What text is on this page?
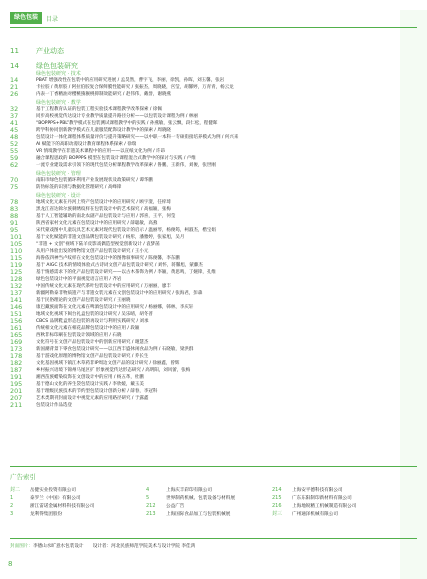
绿色包装	目录
11	产业动态
14	绿色包装研究
绿色包装研究 · 技术
14	PBAT 增强改性在包装中的应用研究进展 / 孟昊然，曹宇飞，李丽，徐凯，孙晖，刘玉馨，张岩
21	卡拉胶 / 黄原胶 / 阿拉伯胶复合保鲜膜性能研究 / 张振杰，周晓晓，宫莹，胡馨婷，万青青，杨云龙
26	内表一丁香精油对樱桃猕猴桃抑制效能研究 / 赵伟伟，戴誉，谢晓燕
绿色包装研究 · 教学
32	基于工程教育认证的包装工程实验技术课程教学改革探索 / 徐佩
37	同步高校视觉传达设计专业教学质量提升路径分析——以包装设计课程为例 / 林丽
41	“BOPPPS+PBL”教学模式在包装测试课程教学中的实践 / 孙燕敏，张云飘，段仁松，程健晖
45	跨学科协同创新教学模式在儿童服装配饰设计教学中的探索 / 周晓晓
48	包装设计一体化课程体系质量评价与提升策略研究——以中职一本科一专硕衔接培养模式为例 / 何兴来
52	AI 赋能下的高职动漫设计教育课程体系探索 / 徐瑞
55	VR 情境教学在非遗美术课程中的应用——以宣纸文化为例 / 许昂
59	融合课程思政的 BOPPPS 模型在包装设计课程混合式教学中的探讨与实践 / 卢维
62	一流专业建设需求引领下的现代包装分析课程教学改革探索 / 鲁鹏，王新伟，刘俊，张世刚
绿色包装研究 · 管理
70	南阳市绿色包装循环利用产业发展现状及政策研究 / 谭华鹏
75	防伪标签的识别与数据化管理研究 / 高峰锋
绿色包装研究 · 设计
78	地域文化元素在丹河上特产包装设计中的应用研究 / 顾宇澄，任梓琦
83	黑龙江省达斡尔族刺绣纹样在包装设计中的艺术探究 / 高福颖，张梅
88	基于人工智能辅助的南北农副产品包装设计与应用 / 郭喜，王平，何莹
91	陕西省家村文化元素在包装设计中的应用研究 / 薛聪敏，高燕
95	宋代蒙戏图中儿童玩具艺术元素对现代包装设计的启示 / 温丽琴，杨俊筠，柯淑杰，楷宝娟
101	基于文化赋能的非遗文创品牌包装设计研究 / 杨彤，潘雅婷，张家旭，吴月
105	“非遗 + 文创”视域下陆羊皮影戏偶造型视觉创新设计 / 袁梦菡
110	从用户体验出发的博物馆文创产品包装设计研究 / 王小元
115	海鲁依四神当卢纹样在文化包装设计中的图像叙事研究 / 陈俊馨，李东鹏
119	基于 AIGC 技术的情境体验式古诗词文创产品包装设计研究 / 刘怀，蒋馨旭，蒙藤杰
125	基于情感需求下的化产品包装设计研究——以古木茶饰为例 / 李颖，黄思鸣，丁婉锋，孔维
128	绿色包装设计中的平面视觉语言应用 / 齐岩
132	中国传统文化元素在现代茶叶包装设计中的应用研究 / 万丽丽，廖丰
137	新疆阿勒泰非物质遗产与非遗女装元素在文创包装设计中的应用研究 / 张海君，彭森
141	基于民俗理论的文创产品包装设计研究 / 王丽晓
146	康巴藏族面饰在文化元素在啤酒包装设计中的应用研究 / 杨丽娜，韩林，李庆轩
151	地域文化视域下闽台礼盒包装的设计研究 / 吴乐晴，胡冬普
156	CBCS 品牌鞋盒形态包装的再设计与利用实践研究 / 刘承
161	传统相文化元素在相花品牌包装设计中的应用 / 段颖
165	西秋非标印刷在包装设计领域的应用 / 石晓
169	文化符号在文创产品包装设计中的创新应用研究 / 谢慧杰
173	新国潮背景下零食包装设计研究——以江西丰盛休闲食品为例 / 石晓敏，梁洪群
178	基于游戏化原理的博物馆文创产品包装设计研究 / 乔长生
182	文化基因视域下镇江木草药非IP周边文创产品的设计研究 / 徐丽鑫，曾辉
187	乡村振兴语境下锦州马尾区扩 形象视觉传达形态研究 / 高明阳，刘风蕾，张梅
191	湘西苗族蜡染纹饰在文创设计中的应用 / 杨五革，杜鹏
195	基于德山文化的养生袋包装设计实践 / 李欣媛，戴玉美
201	基于理级民族技术的节约型包装设计创新分析 / 薛春，李冠科
207	艺术类期刊封面设计中视觉元素的应用路径研究 / 于露鑫
211	包装设计作品选登
广告索引
封二	岳健实业投资有限公司
1	泰罗兰（中国）有限公司
2	浙江雷诺金属材料科技有限公司
3	龙利得集团股份
4	上海庆丰彩印有限公司
5	世界制药机械、包装设备与材料展
212	公益广告
213	上海国际食品加工与包装机械展
214	上海安平德科技有限公司
215	广东东阳制印新材料有限公司
216	上海地锐精工机械制造有限公司
封三	广州通泽机械有限公司
封面图片：李德山水旷意水包装设计　　设计者：河北民族师范学院美术与设计学院 李佳鸿
8
